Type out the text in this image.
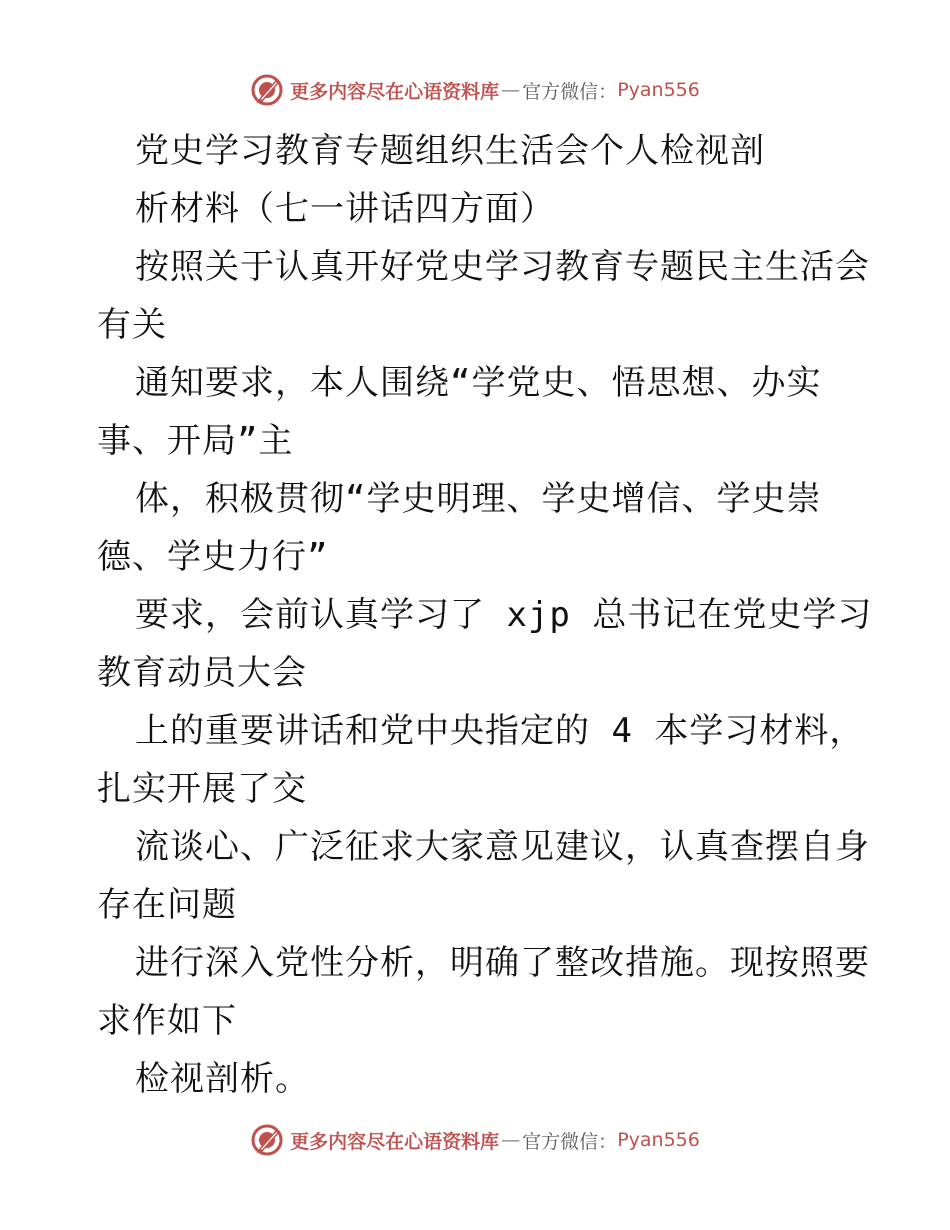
更多内容尽在心语资料库 — 官方微信： Pyan556
党史学习教育专题组织生活会个人检视剖
析材料（七一讲话四方面）
按照关于认真开好党史学习教育专题民主生活会
有关
通知要求，本人围绕“学党史、悟思想、办实
事、开局”主
体，积极贯彻“学史明理、学史增信、学史崇
德、学史力行”
要求，会前认真学习了 xjp 总书记在党史学习
教育动员大会
上的重要讲话和党中央指定的 4 本学习材料，
扎实开展了交
流谈心、广泛征求大家意见建议，认真查摆自身
存在问题
进行深入党性分析，明确了整改措施。现按照要
求作如下
检视剖析。
更多内容尽在心语资料库 — 官方微信： Pyan556
